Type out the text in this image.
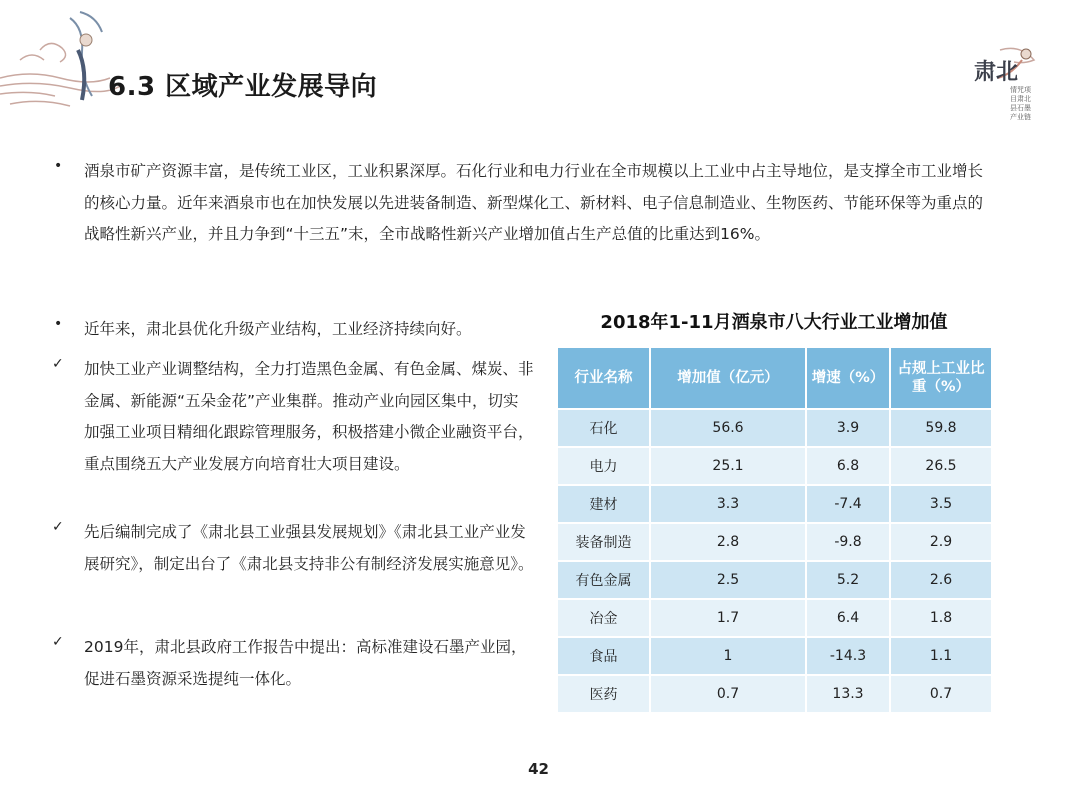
6.3 区域产业发展导向	肃北
情咒项目肃北县石墨产业链
• 酒泉市矿产资源丰富，是传统工业区，工业积累深厚。石化行业和电力行业在全市规模以上工业中占主导地位，是支撑全市工业增长的核心力量。近年来酒泉市也在加快发展以先进装备制造、新型煤化工、新材料、电子信息制造业、生物医药、节能环保等为重点的战略性新兴产业，并且力争到“十三五”末，全市战略性新兴产业增加值占生产总值的比重达到16%。
• 近年来，肃北县优化升级产业结构，工业经济持续向好。
✓ 加快工业产业调整结构，全力打造黑色金属、有色金属、煤炭、非金属、新能源“五朵金花”产业集群。推动产业向园区集中，切实加强工业项目精细化跟踪管理服务，积极搭建小微企业融资平台，重点围绕五大产业发展方向培育壮大项目建设。
✓ 先后编制完成了《肃北县工业强县发展规划》《肃北县工业产业发展研究》，制定出台了《肃北县支持非公有制经济发展实施意见》。
✓ 2019年，肃北县政府工作报告中提出：高标准建设石墨产业园，促进石墨资源采选提纯一体化。
2018年1-11月酒泉市八大行业工业增加值
行业名称	增加值（亿元）	增速（%）	占规上工业比重（%）
石化	56.6	3.9	59.8
电力	25.1	6.8	26.5
建材	3.3	-7.4	3.5
装备制造	2.8	-9.8	2.9
有色金属	2.5	5.2	2.6
冶金	1.7	6.4	1.8
食品	1	-14.3	1.1
医药	0.7	13.3	0.7
42
